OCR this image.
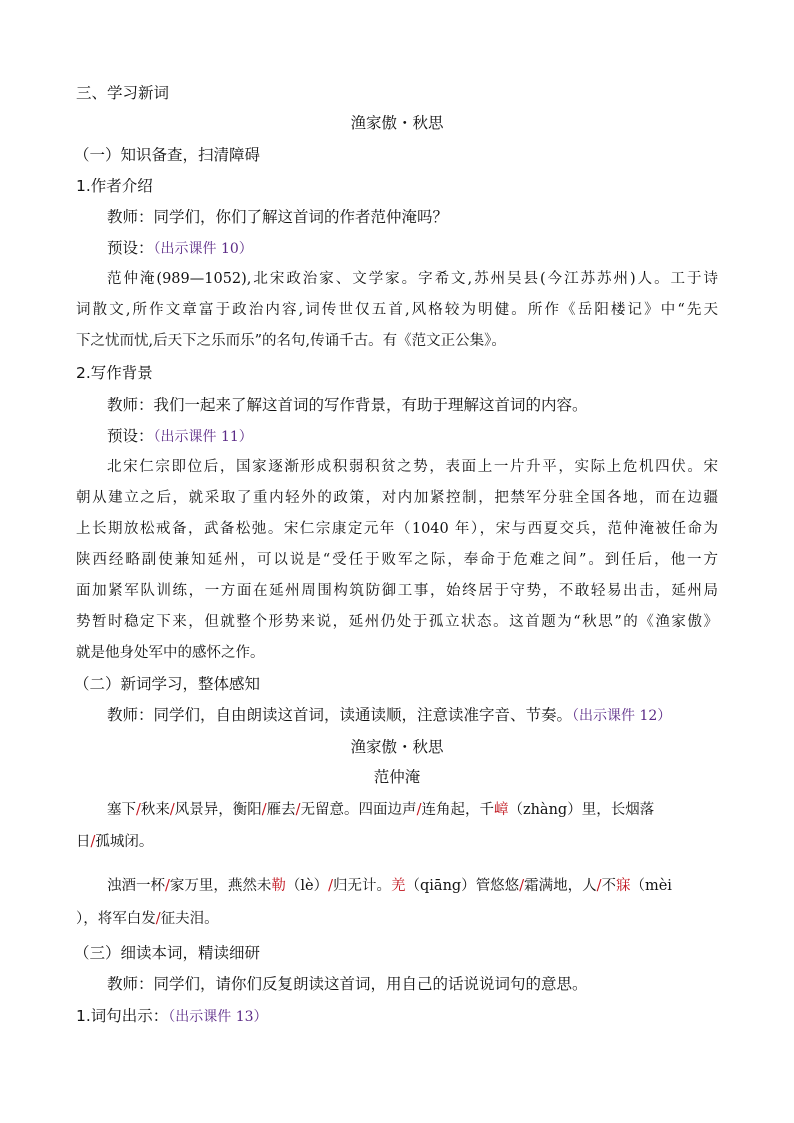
三、学习新词
渔家傲・秋思
（一）知识备查，扫清障碍
1.作者介绍
教师：同学们，你们了解这首词的作者范仲淹吗？
预设：（出示课件 10）
范仲淹(989—1052),北宋政治家、文学家。字希文,苏州吴县(今江苏苏州)人。工于诗
词散文,所作文章富于政治内容,词传世仅五首,风格较为明健。所作《岳阳楼记》中“先天
下之忧而忧,后天下之乐而乐”的名句,传诵千古。有《范文正公集》。
2.写作背景
教师：我们一起来了解这首词的写作背景，有助于理解这首词的内容。
预设：（出示课件 11）
北宋仁宗即位后，国家逐渐形成积弱积贫之势，表面上一片升平，实际上危机四伏。宋
朝从建立之后，就采取了重内轻外的政策，对内加紧控制，把禁军分驻全国各地，而在边疆
上长期放松戒备，武备松弛。宋仁宗康定元年（1040 年），宋与西夏交兵，范仲淹被任命为
陕西经略副使兼知延州，可以说是“受任于败军之际，奉命于危难之间”。到任后，他一方
面加紧军队训练，一方面在延州周围构筑防御工事，始终居于守势，不敢轻易出击，延州局
势暂时稳定下来，但就整个形势来说，延州仍处于孤立状态。这首题为“秋思”的《渔家傲》
就是他身处军中的感怀之作。
（二）新词学习，整体感知
教师：同学们，自由朗读这首词，读通读顺，注意读准字音、节奏。（出示课件 12）
渔家傲・秋思
范仲淹
塞下/秋来/风景异，衡阳/雁去/无留意。四面边声/连角起，千嶂（zhàng）里，长烟落
日/孤城闭。
浊酒一杯/家万里，燕然未勒（lè）/归无计。羌（qiāng）管悠悠/霜满地，人/不寐（mèi
），将军白发/征夫泪。
（三）细读本词，精读细研
教师：同学们，请你们反复朗读这首词，用自己的话说说词句的意思。
1.词句出示：（出示课件 13）
